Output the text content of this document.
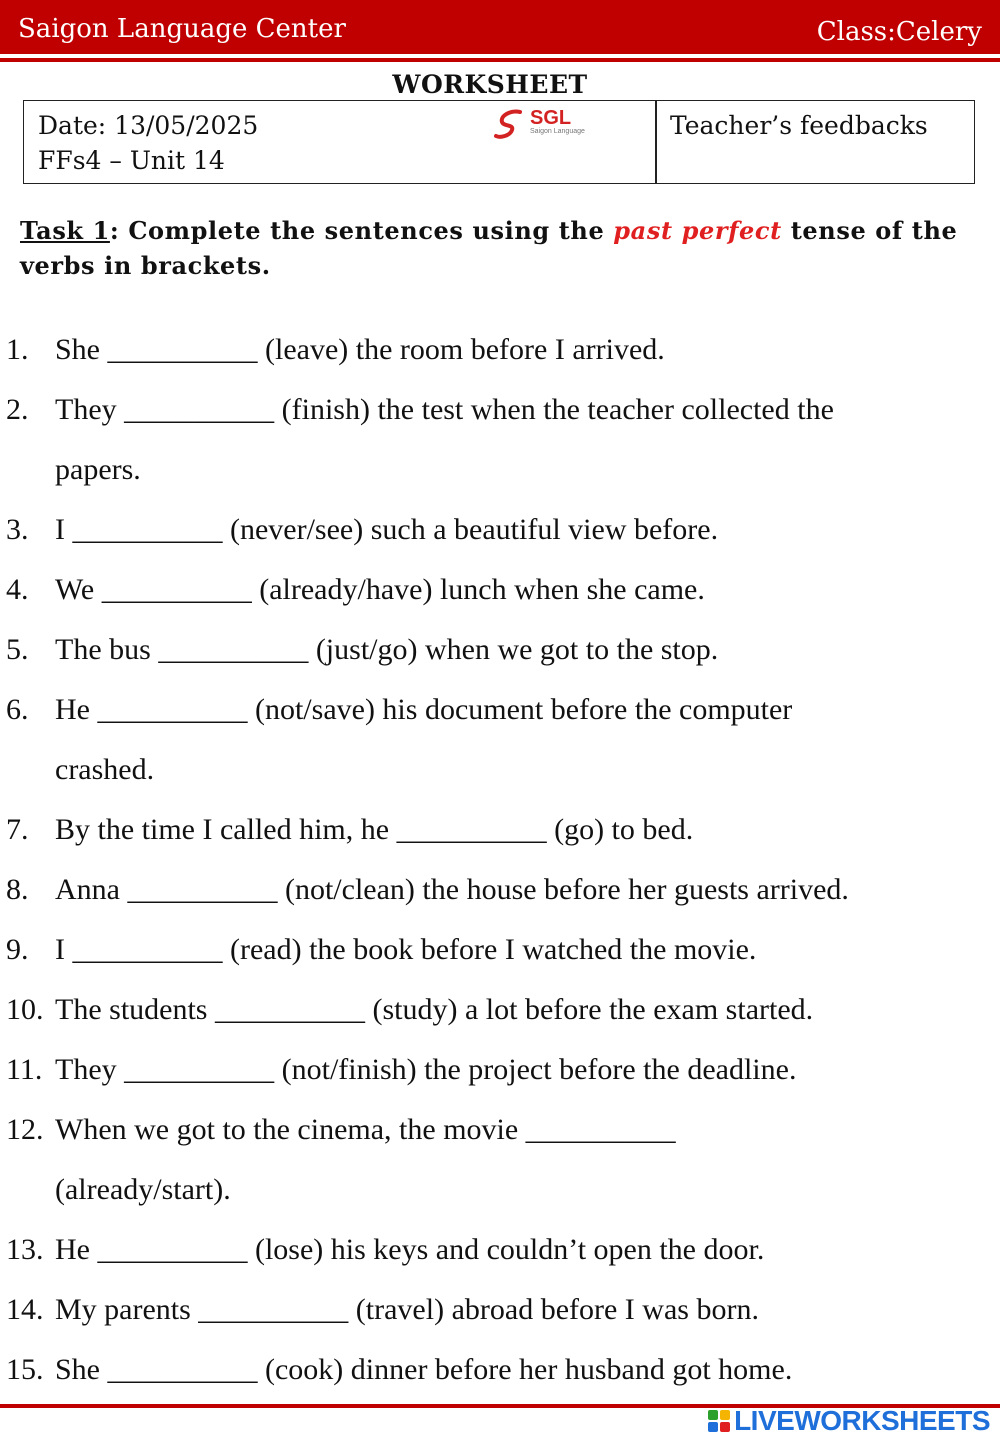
Saigon Language Center	Class:Celery
WORKSHEET
Date: 13/05/2025
FFs4 – Unit 14
SGL
Saigon Language	Teacher’s feedbacks
Task 1: Complete the sentences using the past perfect tense of the verbs in brackets.
1. She __________ (leave) the room before I arrived.
2. They __________ (finish) the test when the teacher collected the
papers.
3. I __________ (never/see) such a beautiful view before.
4. We __________ (already/have) lunch when she came.
5. The bus __________ (just/go) when we got to the stop.
6. He __________ (not/save) his document before the computer
crashed.
7. By the time I called him, he __________ (go) to bed.
8. Anna __________ (not/clean) the house before her guests arrived.
9. I __________ (read) the book before I watched the movie.
10. The students __________ (study) a lot before the exam started.
11. They __________ (not/finish) the project before the deadline.
12. When we got to the cinema, the movie __________
(already/start).
13. He __________ (lose) his keys and couldn’t open the door.
14. My parents __________ (travel) abroad before I was born.
15. She __________ (cook) dinner before her husband got home.
LIVEWORKSHEETS
